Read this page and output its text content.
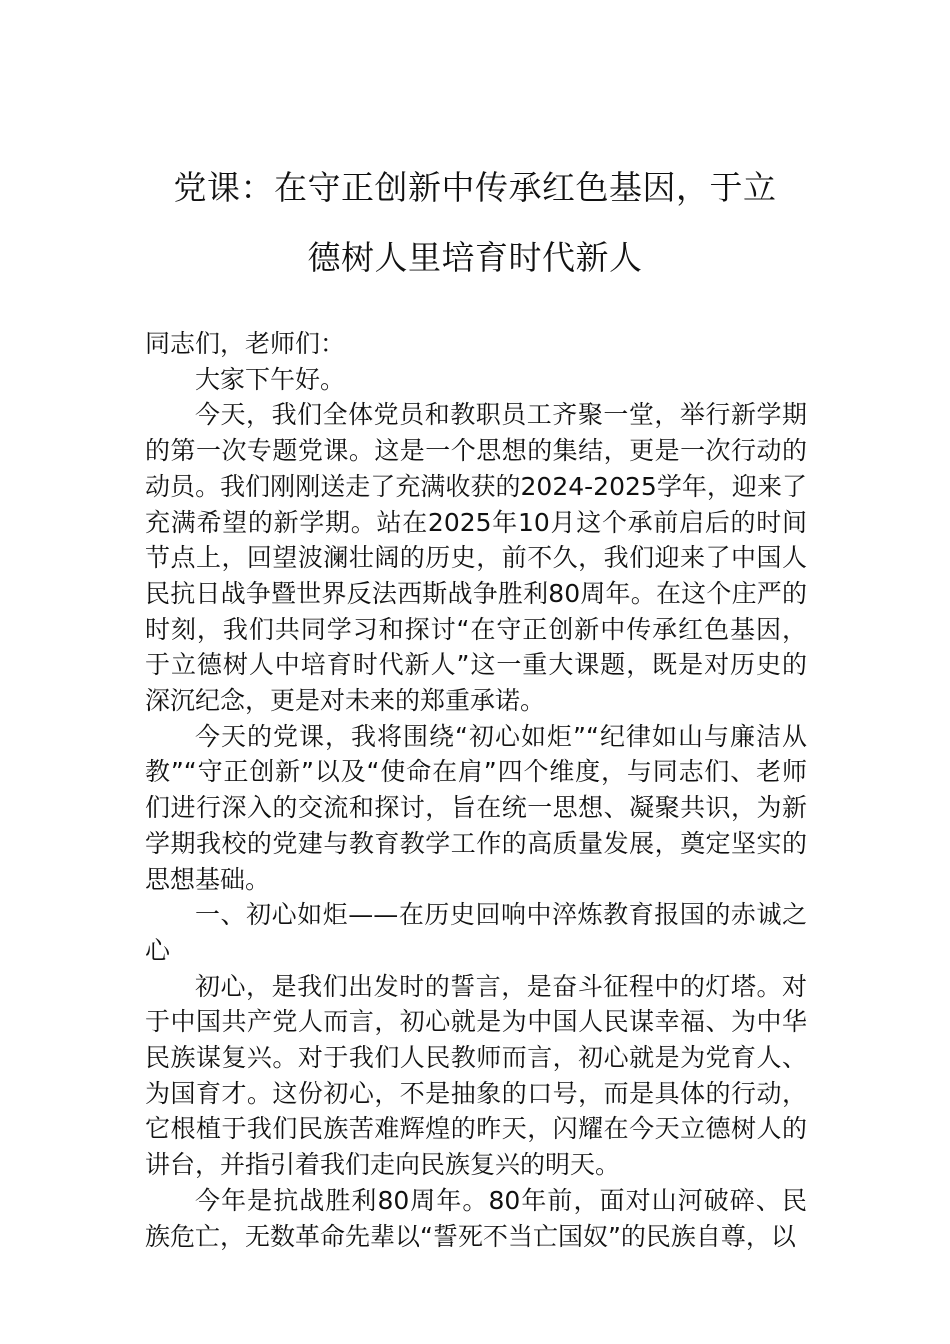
党课：在守正创新中传承红色基因，于立
德树人里培育时代新人

同志们，老师们：

大家下午好。

今天，我们全体党员和教职员工齐聚一堂，举行新学期的第一次专题党课。这是一个思想的集结，更是一次行动的动员。我们刚刚送走了充满收获的2024-2025学年，迎来了充满希望的新学期。站在2025年10月这个承前启后的时间节点上，回望波澜壮阔的历史，前不久，我们迎来了中国人民抗日战争暨世界反法西斯战争胜利80周年。在这个庄严的时刻，我们共同学习和探讨“在守正创新中传承红色基因，于立德树人中培育时代新人”这一重大课题，既是对历史的深沉纪念，更是对未来的郑重承诺。

今天的党课，我将围绕“初心如炬”“纪律如山与廉洁从教”“守正创新”以及“使命在肩”四个维度，与同志们、老师们进行深入的交流和探讨，旨在统一思想、凝聚共识，为新学期我校的党建与教育教学工作的高质量发展，奠定坚实的思想基础。

一、初心如炬——在历史回响中淬炼教育报国的赤诚之心

初心，是我们出发时的誓言，是奋斗征程中的灯塔。对于中国共产党人而言，初心就是为中国人民谋幸福、为中华民族谋复兴。对于我们人民教师而言，初心就是为党育人、为国育才。这份初心，不是抽象的口号，而是具体的行动，它根植于我们民族苦难辉煌的昨天，闪耀在今天立德树人的讲台，并指引着我们走向民族复兴的明天。

今年是抗战胜利80周年。80年前，面对山河破碎、民族危亡，无数革命先辈以“誓死不当亡国奴”的民族自尊，以
